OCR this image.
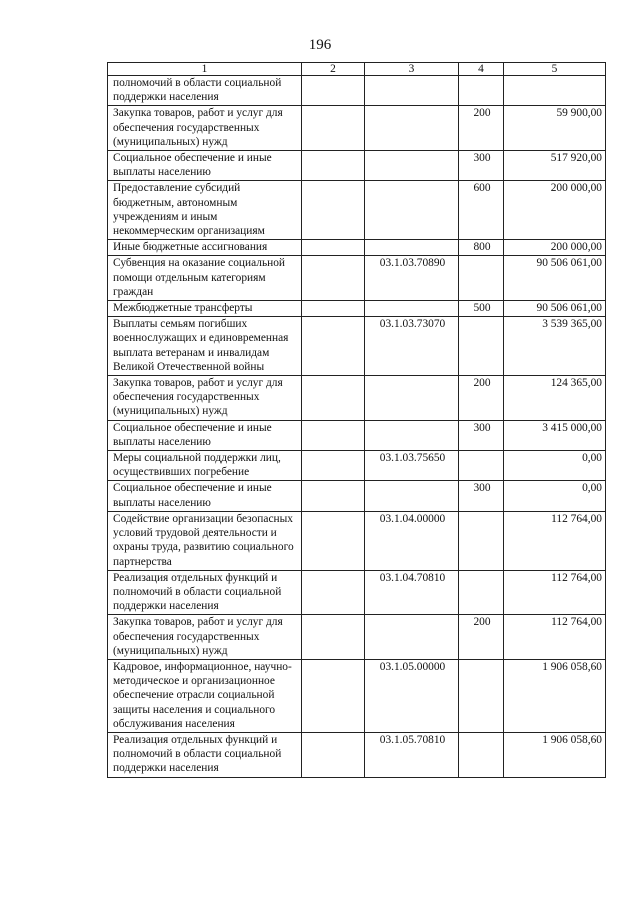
196
1	2	3	4	5
полномочий в области социальной поддержки населения				
Закупка товаров, работ и услуг для обеспечения государственных (муниципальных) нужд			200	59 900,00
Социальное обеспечение и иные выплаты населению			300	517 920,00
Предоставление субсидий бюджетным, автономным учреждениям и иным некоммерческим организациям			600	200 000,00
Иные бюджетные ассигнования			800	200 000,00
Субвенция на оказание социальной помощи отдельным категориям граждан		03.1.03.70890		90 506 061,00
Межбюджетные трансферты			500	90 506 061,00
Выплаты семьям погибших военнослужащих и единовременная выплата ветеранам и инвалидам Великой Отечественной войны		03.1.03.73070		3 539 365,00
Закупка товаров, работ и услуг для обеспечения государственных (муниципальных) нужд			200	124 365,00
Социальное обеспечение и иные выплаты населению			300	3 415 000,00
Меры социальной поддержки лиц, осуществивших погребение		03.1.03.75650		0,00
Социальное обеспечение и иные выплаты населению			300	0,00
Содействие организации безопасных условий трудовой деятельности и охраны труда, развитию социального партнерства		03.1.04.00000		112 764,00
Реализация отдельных функций и полномочий в области социальной поддержки населения		03.1.04.70810		112 764,00
Закупка товаров, работ и услуг для обеспечения государственных (муниципальных) нужд			200	112 764,00
Кадровое, информационное, научно-методическое и организационное обеспечение отрасли социальной защиты населения и социального обслуживания населения		03.1.05.00000		1 906 058,60
Реализация отдельных функций и полномочий в области социальной поддержки населения		03.1.05.70810		1 906 058,60
